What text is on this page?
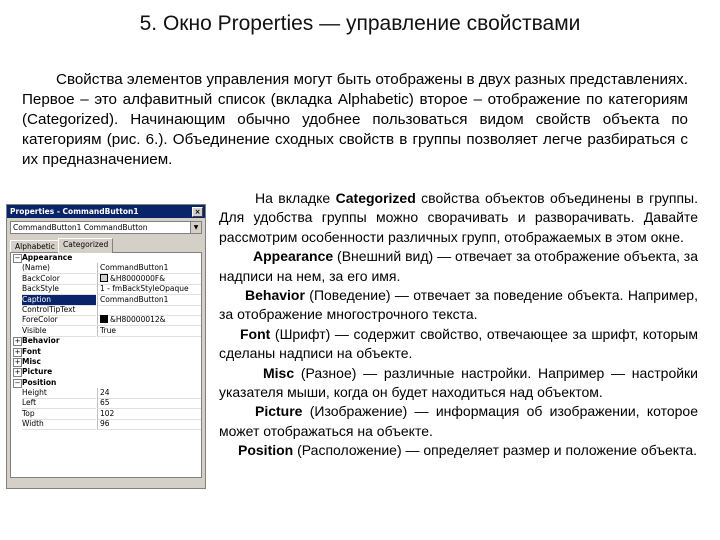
5. Окно Properties — управление свойствами

Свойства элементов управления могут быть отображены в двух разных представлениях. Первое – это алфавитный список (вкладка Alphabetic) второе – отображение по категориям (Categorized). Начинающим обычно удобнее пользоваться видом свойств объекта по категориям (рис. 6.). Объединение сходных свойств в группы позволяет легче разбираться с их предназначением.

Properties - CommandButton1	×
CommandButton1 CommandButton	▼
Alphabetic	Categorized
− Appearance
(Name)	CommandButton1
BackColor	&H8000000F&
BackStyle	1 - fmBackStyleOpaque
Caption	CommandButton1
ControlTipText
ForeColor	&H80000012&
Visible	True
+ Behavior
+ Font
+ Misc
+ Picture
− Position
Height	24
Left	65
Top	102
Width	96
На вкладке Categorized свойства объектов объединены в группы. Для удобства группы можно сворачивать и разворачивать. Давайте рассмотрим особенности различных групп, отображаемых в этом окне.
Appearance (Внешний вид) — отвечает за отображение объекта, за надписи на нем, за его имя.
Behavior (Поведение) — отвечает за поведение объекта. Например, за отображение многострочного текста.
Font (Шрифт) — содержит свойство, отвечающее за шрифт, которым сделаны надписи на объекте.
Misc (Разное) — различные настройки. Например — настройки указателя мыши, когда он будет находиться над объектом.
Picture (Изображение) — информация об изображении, которое может отображаться на объекте.
Position (Расположение) — определяет размер и положение объекта.
